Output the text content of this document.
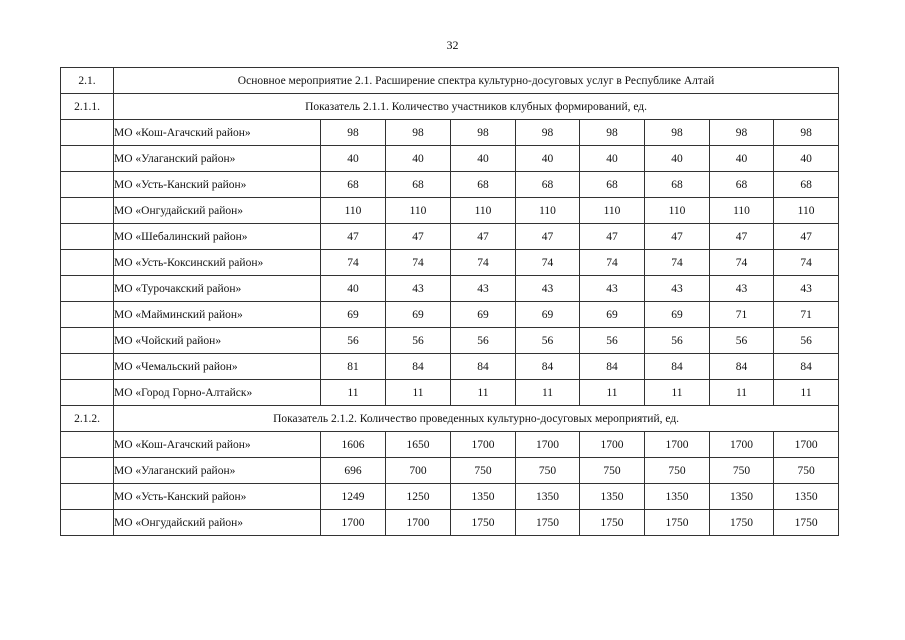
32
2.1.	Основное мероприятие 2.1. Расширение спектра культурно-досуговых услуг в Республике Алтай								
2.1.1.	Показатель 2.1.1. Количество участников клубных формирований, ед.								
	МО «Кош-Агачский район»	98	98	98	98	98	98	98	98
	МО «Улаганский район»	40	40	40	40	40	40	40	40
	МО «Усть-Канский район»	68	68	68	68	68	68	68	68
	МО «Онгудайский район»	110	110	110	110	110	110	110	110
	МО «Шебалинский район»	47	47	47	47	47	47	47	47
	МО «Усть-Коксинский район»	74	74	74	74	74	74	74	74
	МО «Турочакский район»	40	43	43	43	43	43	43	43
	МО «Майминский район»	69	69	69	69	69	69	71	71
	МО «Чойский район»	56	56	56	56	56	56	56	56
	МО «Чемальский район»	81	84	84	84	84	84	84	84
	МО «Город Горно-Алтайск»	11	11	11	11	11	11	11	11
2.1.2.	Показатель 2.1.2. Количество проведенных культурно-досуговых мероприятий, ед.								
	МО «Кош-Агачский район»	1606	1650	1700	1700	1700	1700	1700	1700
	МО «Улаганский район»	696	700	750	750	750	750	750	750
	МО «Усть-Канский район»	1249	1250	1350	1350	1350	1350	1350	1350
	МО «Онгудайский район»	1700	1700	1750	1750	1750	1750	1750	1750
